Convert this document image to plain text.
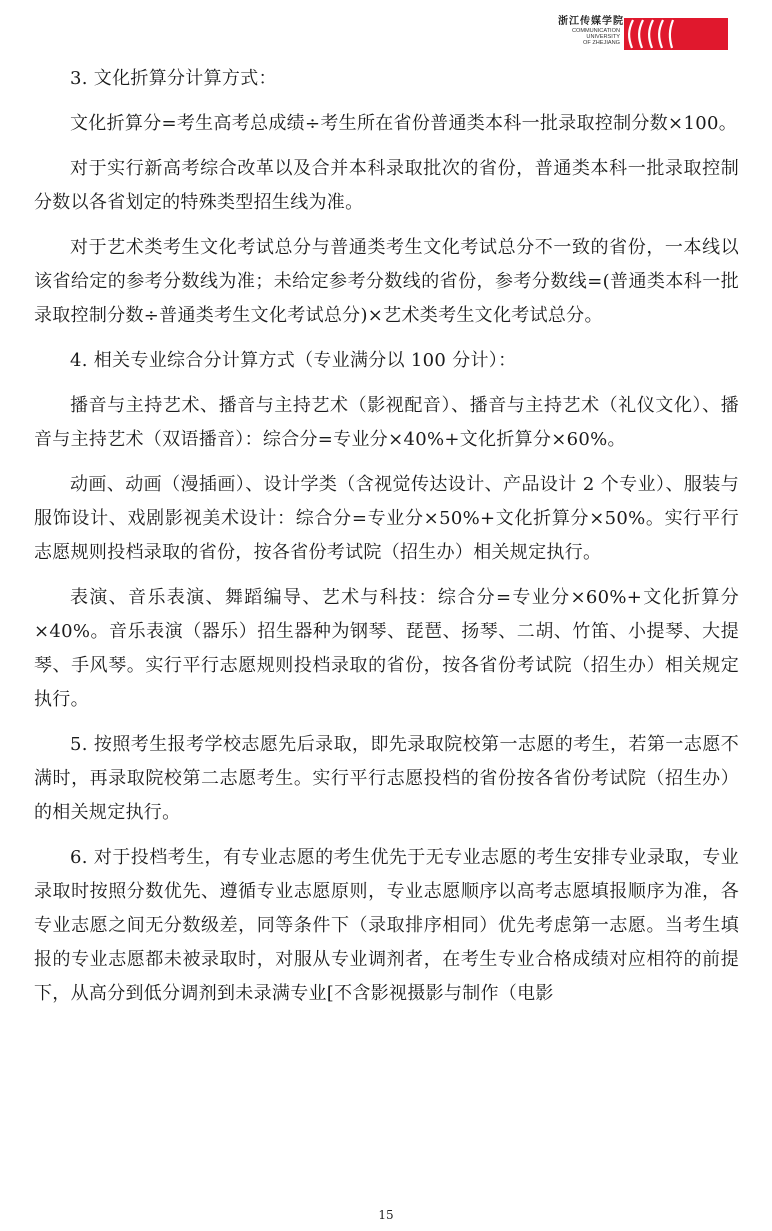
浙江传媒学院
COMMUNICATION
UNIVERSITY
OF ZHEJIANG

3. 文化折算分计算方式：

文化折算分=考生高考总成绩÷考生所在省份普通类本科一批录取控制分数×100。

对于实行新高考综合改革以及合并本科录取批次的省份，普通类本科一批录取控制分数以各省划定的特殊类型招生线为准。

对于艺术类考生文化考试总分与普通类考生文化考试总分不一致的省份，一本线以该省给定的参考分数线为准；未给定参考分数线的省份，参考分数线=(普通类本科一批录取控制分数÷普通类考生文化考试总分)×艺术类考生文化考试总分。

4. 相关专业综合分计算方式（专业满分以 100 分计）：

播音与主持艺术、播音与主持艺术（影视配音）、播音与主持艺术（礼仪文化）、播音与主持艺术（双语播音）：综合分=专业分×40%+文化折算分×60%。

动画、动画（漫插画）、设计学类（含视觉传达设计、产品设计 2 个专业）、服装与服饰设计、戏剧影视美术设计：综合分=专业分×50%+文化折算分×50%。实行平行志愿规则投档录取的省份，按各省份考试院（招生办）相关规定执行。

表演、音乐表演、舞蹈编导、艺术与科技：综合分=专业分×60%+文化折算分×40%。音乐表演（器乐）招生器种为钢琴、琵琶、扬琴、二胡、竹笛、小提琴、大提琴、手风琴。实行平行志愿规则投档录取的省份，按各省份考试院（招生办）相关规定执行。

5. 按照考生报考学校志愿先后录取，即先录取院校第一志愿的考生，若第一志愿不满时，再录取院校第二志愿考生。实行平行志愿投档的省份按各省份考试院（招生办）的相关规定执行。

6. 对于投档考生，有专业志愿的考生优先于无专业志愿的考生安排专业录取，专业录取时按照分数优先、遵循专业志愿原则，专业志愿顺序以高考志愿填报顺序为准，各专业志愿之间无分数级差，同等条件下（录取排序相同）优先考虑第一志愿。当考生填报的专业志愿都未被录取时，对服从专业调剂者，在考生专业合格成绩对应相符的前提下，从高分到低分调剂到未录满专业[不含影视摄影与制作（电影

15
